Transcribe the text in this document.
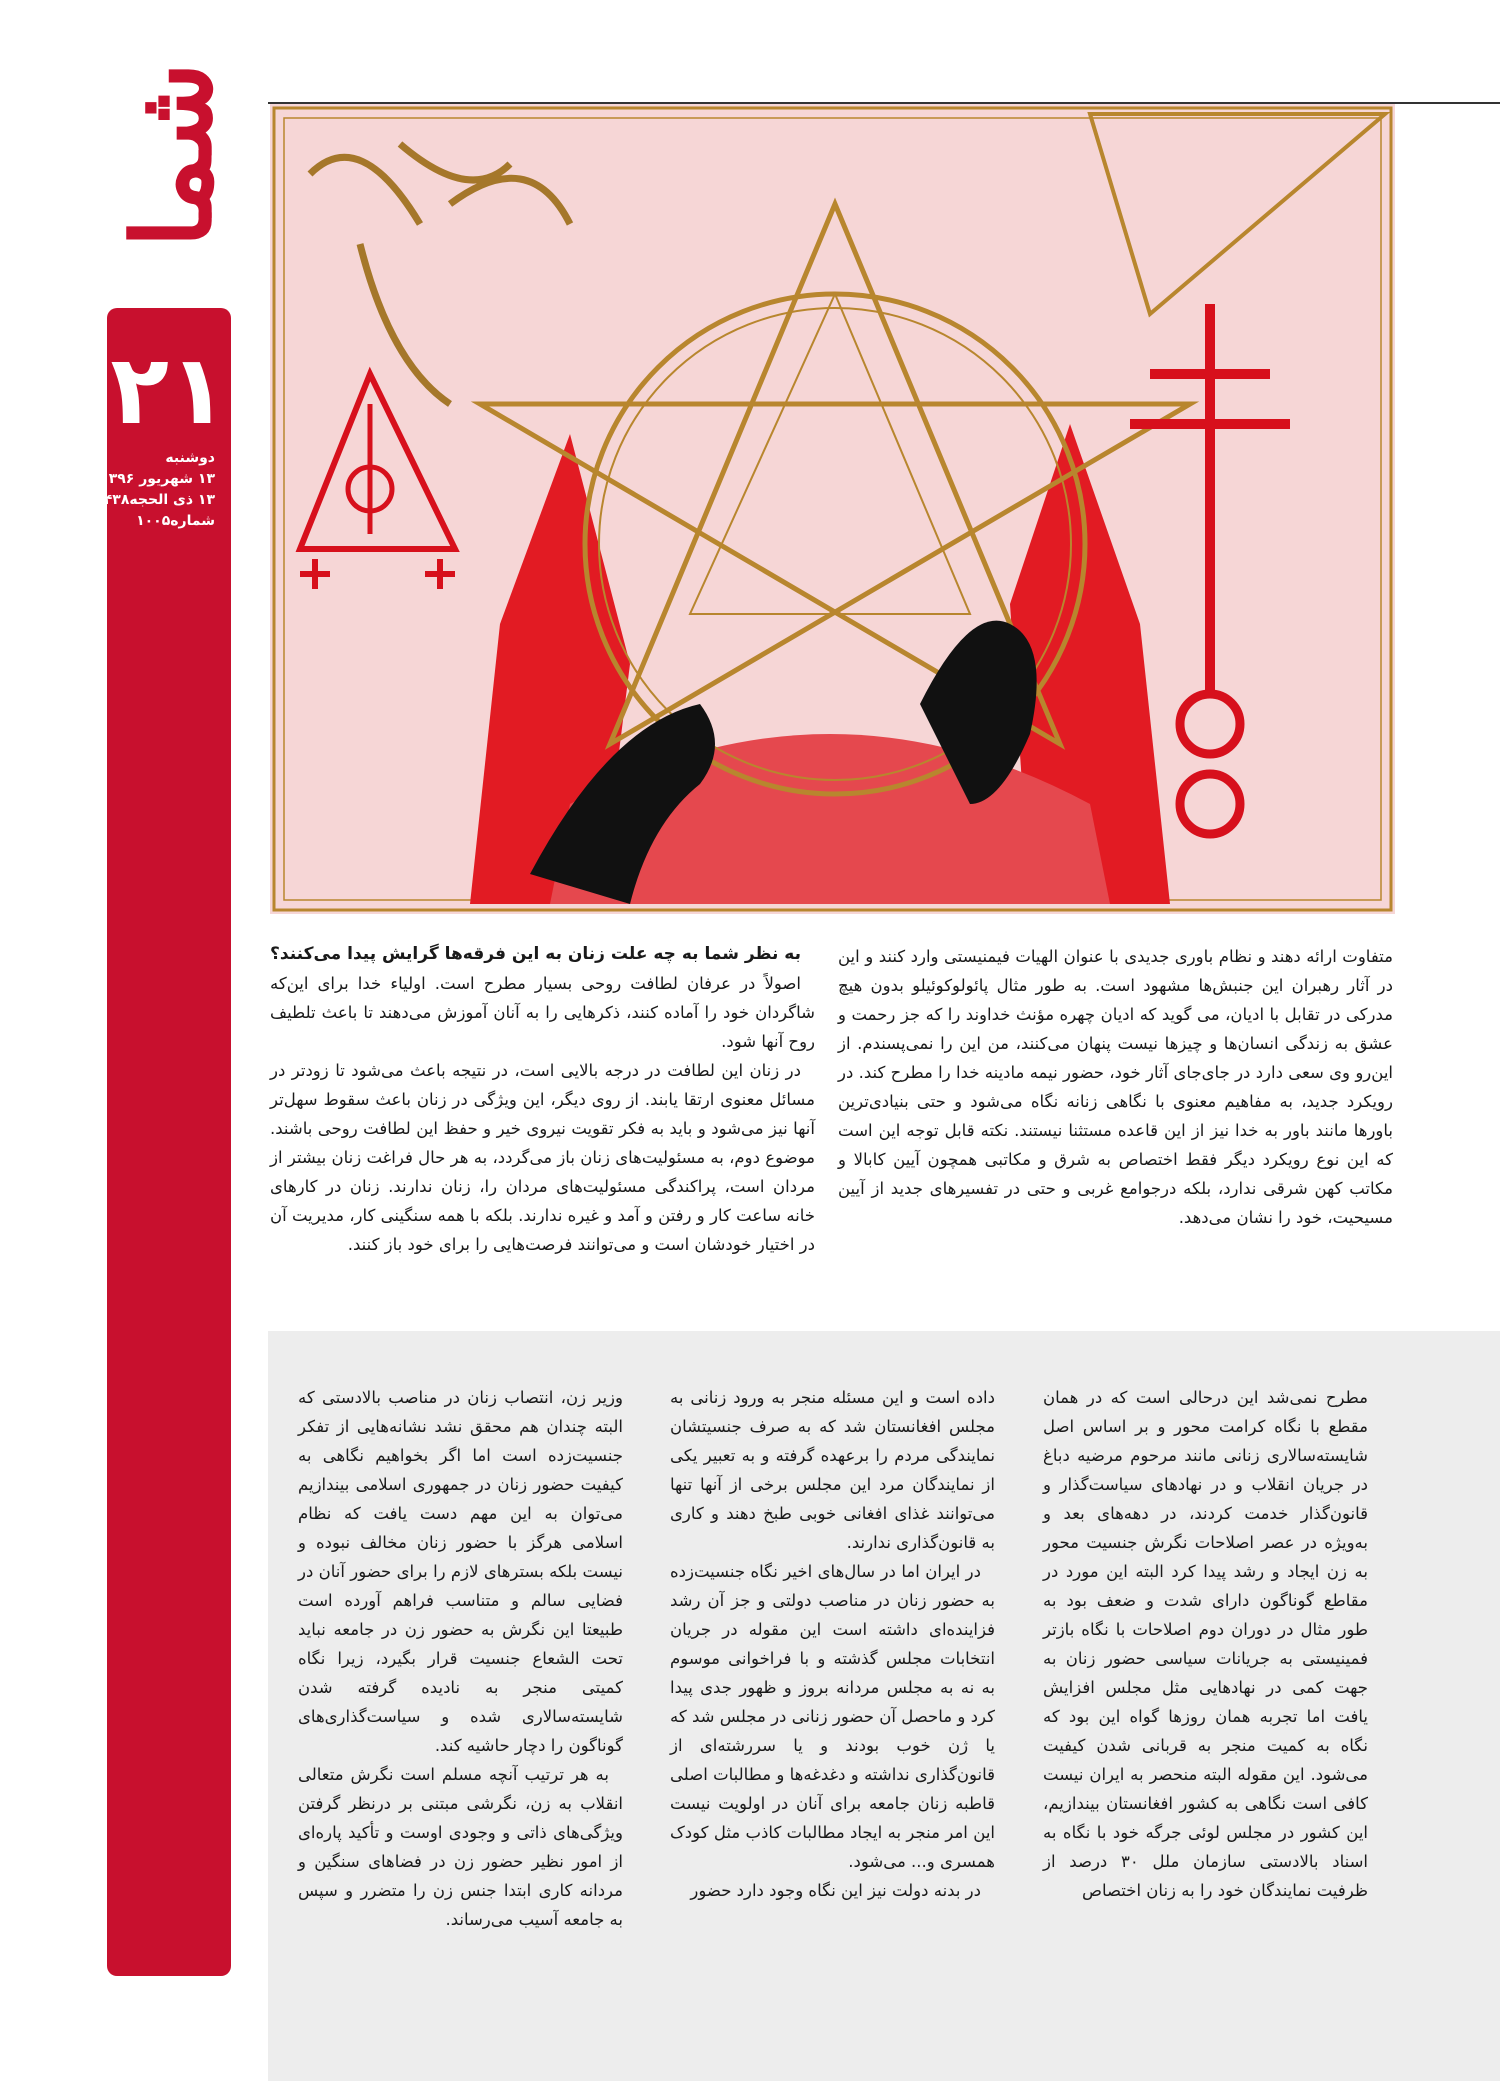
شما
۲۱
دوشنبه
۱۳ شهریور ۱۳۹۶
۱۳ ذی الحجه۱۴۳۸
شماره۱۰۰۵

متفاوت ارائه دهند و نظام باوری جدیدی با عنوان الهیات فیمنیستی وارد کنند و این در آثار رهبران این جنبش‌ها مشهود است. به طور مثال پائولوکوئیلو بدون هیچ مدرکی در تقابل با ادیان، می گوید که ادیان چهره مؤنث خداوند را که جز رحمت و عشق به زندگی انسان‌ها و چیزها نیست پنهان می‌کنند، من این را نمی‌پسندم. از این‌رو وی سعی دارد در جای‌جای آثار خود، حضور نیمه مادینه خدا را مطرح کند. در رویکرد جدید، به مفاهیم معنوی با نگاهی زنانه نگاه می‌شود و حتی بنیادی‌ترین باورها مانند باور به خدا نیز از این قاعده مستثنا نیستند. نکته قابل توجه این است که این نوع رویکرد دیگر فقط اختصاص به شرق و مکاتبی همچون آیین کابالا و مکاتب کهن شرقی ندارد، بلکه درجوامع غربی و حتی در تفسیرهای جدید از آیین مسیحیت، خود را نشان می‌دهد.

به نظر شما به چه علت زنان به این فرقه‌ها گرایش پیدا می‌کنند؟

اصولاً در عرفان لطافت روحی بسیار مطرح است. اولیاء خدا برای این‌که شاگردان خود را آماده کنند، ذکرهایی را به آنان آموزش می‌دهند تا باعث تلطیف روح آنها شود.

در زنان این لطافت در درجه بالایی است، در نتیجه باعث می‌شود تا زودتر در مسائل معنوی ارتقا یابند. از روی دیگر، این ویژگی در زنان باعث سقوط سهل‌تر آنها نیز می‌شود و باید به فکر تقویت نیروی خیر و حفظ این لطافت روحی باشند. موضوع دوم، به مسئولیت‌های زنان باز می‌گردد، به هر حال فراغت زنان بیشتر از مردان است، پراکندگی مسئولیت‌های مردان را، زنان ندارند. زنان در کارهای خانه ساعت کار و رفتن و آمد و غیره ندارند. بلکه با همه سنگینی کار، مدیریت آن در اختیار خودشان است و می‌توانند فرصت‌هایی را برای خود باز کنند.

مطرح نمی‌شد این درحالی است که در همان مقطع با نگاه کرامت محور و بر اساس اصل شایسته‌سالاری زنانی مانند مرحوم مرضیه دباغ در جریان انقلاب و در نهادهای سیاست‌گذار و قانون‌گذار خدمت کردند، در دهه‌های بعد و به‌ویژه در عصر اصلاحات نگرش جنسیت محور به زن ایجاد و رشد پیدا کرد البته این مورد در مقاطع گوناگون دارای شدت و ضعف بود به طور مثال در دوران دوم اصلاحات با نگاه بازتر فمینیستی به جریانات سیاسی حضور زنان به جهت کمی در نهادهایی مثل مجلس افزایش یافت اما تجربه همان روزها گواه این بود که نگاه به کمیت منجر به قربانی شدن کیفیت می‌شود. این مقوله البته منحصر به ایران نیست کافی است نگاهی به کشور افغانستان بیندازیم، این کشور در مجلس لوئی جرگه خود با نگاه به اسناد بالادستی سازمان ملل ۳۰ درصد از ظرفیت نمایندگان خود را به زنان اختصاص

داده است و این مسئله منجر به ورود زنانی به مجلس افغانستان شد که به صرف جنسیتشان نمایندگی مردم را برعهده گرفته و به تعبیر یکی از نمایندگان مرد این مجلس برخی از آنها تنها می‌توانند غذای افغانی خوبی طبخ دهند و کاری به قانون‌گذاری ندارند.

در ایران اما در سال‌های اخیر نگاه جنسیت‌زده به حضور زنان در مناصب دولتی و جز آن رشد فزاینده‌ای داشته است این مقوله در جریان انتخابات مجلس گذشته و با فراخوانی موسوم به نه به مجلس مردانه بروز و ظهور جدی پیدا کرد و ماحصل آن حضور زنانی در مجلس شد که یا ژن خوب بودند و یا سررشته‌ای از قانون‌گذاری نداشته و دغدغه‌ها و مطالبات اصلی قاطبه زنان جامعه برای آنان در اولویت نیست این امر منجر به ایجاد مطالبات کاذب مثل کودک همسری و... می‌شود.

در بدنه دولت نیز این نگاه وجود دارد حضور

وزیر زن، انتصاب زنان در مناصب بالادستی که البته چندان هم محقق نشد نشانه‌هایی از تفکر جنسیت‌زده است اما اگر بخواهیم نگاهی به کیفیت حضور زنان در جمهوری اسلامی بیندازیم می‌توان به این مهم دست یافت که نظام اسلامی هرگز با حضور زنان مخالف نبوده و نیست بلکه بسترهای لازم را برای حضور آنان در فضایی سالم و متناسب فراهم آورده است طبیعتا این نگرش به حضور زن در جامعه نباید تحت الشعاع جنسیت قرار بگیرد، زیرا نگاه کمیتی منجر به نادیده گرفته شدن شایسته‌سالاری شده و سیاست‌گذاری‌های گوناگون را دچار حاشیه کند.

به هر ترتیب آنچه مسلم است نگرش متعالی انقلاب به زن، نگرشی مبتنی بر درنظر گرفتن ویژگی‌های ذاتی و وجودی اوست و تأکید پاره‌ای از امور نظیر حضور زن در فضاهای سنگین و مردانه کاری ابتدا جنس زن را متضرر و سپس به جامعه آسیب می‌رساند.
